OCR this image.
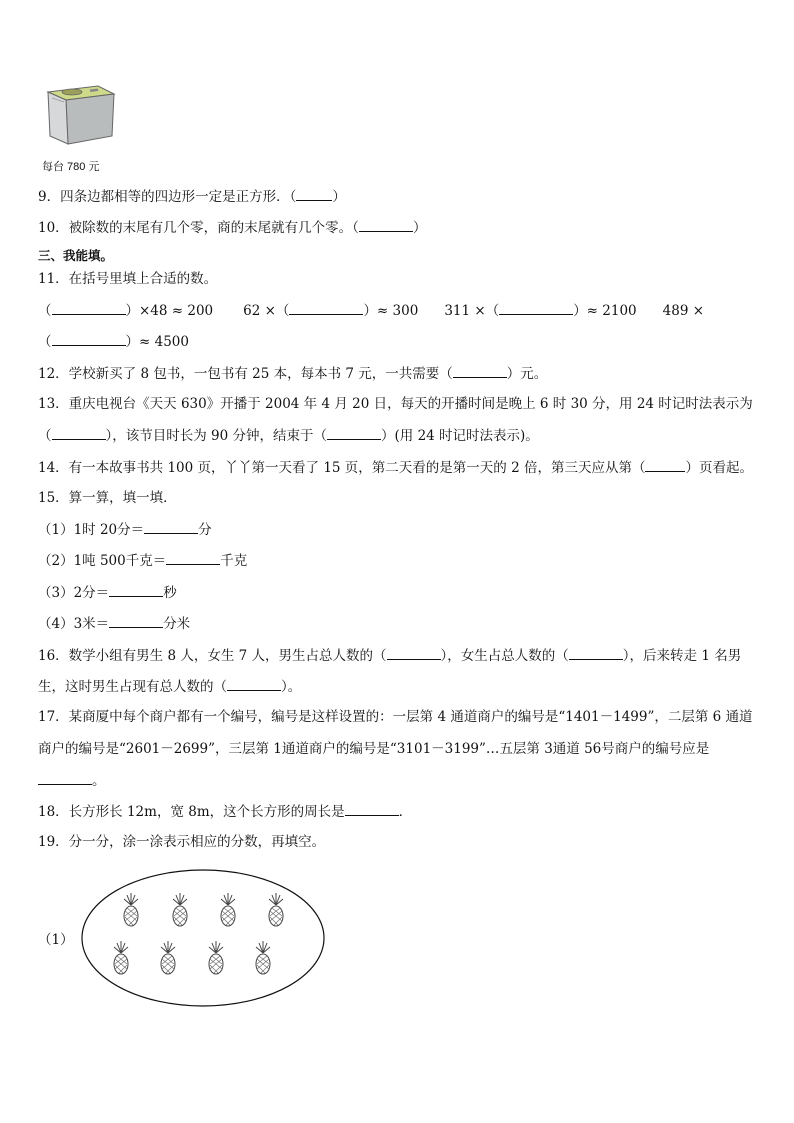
每台 780 元
9．四条边都相等的四边形一定是正方形．（	）
10．被除数的末尾有几个零，商的末尾就有几个零。（	）
三、我能填。
11．在括号里填上合适的数。
（	）×48 ≈ 200 62 ×（	）≈ 300 311 ×（	）≈ 2100 489 ×
（	）≈ 4500
12．学校新买了 8 包书，一包书有 25 本，每本书 7 元，一共需要（	）元。
13．重庆电视台《天天 630》开播于 2004 年 4 月 20 日，每天的开播时间是晚上 6 时 30 分，用 24 时记时法表示为
（	），该节目时长为 90 分钟，结束于（	）(用 24 时记时法表示)。
14．有一本故事书共 100 页，丫丫第一天看了 15 页，第二天看的是第一天的 2 倍，第三天应从第（	）页看起。
15．算一算，填一填．
（1）1时 20分＝	分
（2）1吨 500千克＝	千克
（3）2分＝	秒
（4）3米＝	分米
16．数学小组有男生 8 人，女生 7 人，男生占总人数的（	），女生占总人数的（	），后来转走 1 名男
生，这时男生占现有总人数的（	）。
17．某商厦中每个商户都有一个编号，编号是这样设置的：一层第 4 通道商户的编号是“1401－1499”，二层第 6 通道
商户的编号是“2601－2699”，三层第 1通道商户的编号是“3101－3199”…五层第 3通道 56号商户的编号应是
。
18．长方形长 12m，宽 8m，这个长方形的周长是	．
19．分一分，涂一涂表示相应的分数，再填空。
（1）
